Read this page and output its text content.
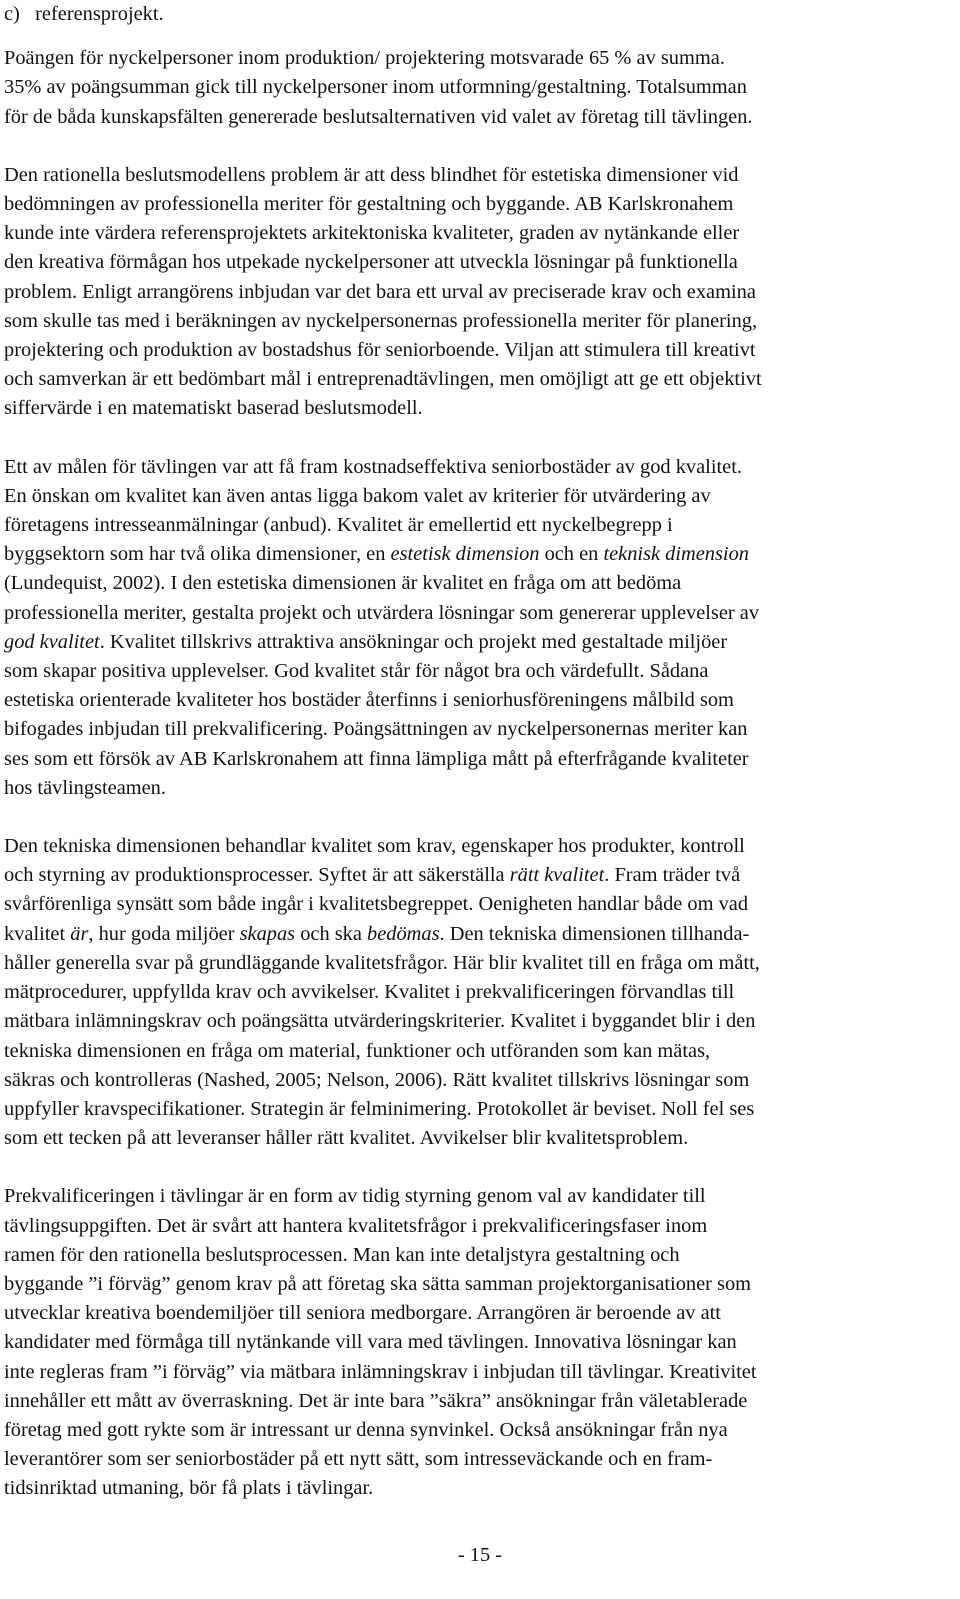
c)   referensprojekt.
Poängen för nyckelpersoner inom produktion/ projektering motsvarade 65 % av summa.
35% av poängsumman gick till nyckelpersoner inom utformning/gestaltning. Totalsumman
för de båda kunskapsfälten genererade beslutsalternativen vid valet av företag till tävlingen.
Den rationella beslutsmodellens problem är att dess blindhet för estetiska dimensioner vid
bedömningen av professionella meriter för gestaltning och byggande. AB Karlskronahem
kunde inte värdera referensprojektets arkitektoniska kvaliteter, graden av nytänkande eller
den kreativa förmågan hos utpekade nyckelpersoner att utveckla lösningar på funktionella
problem. Enligt arrangörens inbjudan var det bara ett urval av preciserade krav och examina
som skulle tas med i beräkningen av nyckelpersonernas professionella meriter för planering,
projektering och produktion av bostadshus för seniorboende. Viljan att stimulera till kreativt
och samverkan är ett bedömbart mål i entreprenadtävlingen, men omöjligt att ge ett objektivt
siffervärde i en matematiskt baserad beslutsmodell.
Ett av målen för tävlingen var att få fram kostnadseffektiva seniorbostäder av god kvalitet.
En önskan om kvalitet kan även antas ligga bakom valet av kriterier för utvärdering av
företagens intresseanmälningar (anbud). Kvalitet är emellertid ett nyckelbegrepp i
byggsektorn som har två olika dimensioner, en estetisk dimension och en teknisk dimension
(Lundequist, 2002). I den estetiska dimensionen är kvalitet en fråga om att bedöma
professionella meriter, gestalta projekt och utvärdera lösningar som genererar upplevelser av
god kvalitet. Kvalitet tillskrivs attraktiva ansökningar och projekt med gestaltade miljöer
som skapar positiva upplevelser. God kvalitet står för något bra och värdefullt. Sådana
estetiska orienterade kvaliteter hos bostäder återfinns i seniorhusföreningens målbild som
bifogades inbjudan till prekvalificering. Poängsättningen av nyckelpersonernas meriter kan
ses som ett försök av AB Karlskronahem att finna lämpliga mått på efterfrågande kvaliteter
hos tävlingsteamen.
Den tekniska dimensionen behandlar kvalitet som krav, egenskaper hos produkter, kontroll
och styrning av produktionsprocesser. Syftet är att säkerställa rätt kvalitet. Fram träder två
svårförenliga synsätt som både ingår i kvalitetsbegreppet. Oenigheten handlar både om vad
kvalitet är, hur goda miljöer skapas och ska bedömas. Den tekniska dimensionen tillhanda-
håller generella svar på grundläggande kvalitetsfrågor. Här blir kvalitet till en fråga om mått,
mätprocedurer, uppfyllda krav och avvikelser. Kvalitet i prekvalificeringen förvandlas till
mätbara inlämningskrav och poängsätta utvärderingskriterier. Kvalitet i byggandet blir i den
tekniska dimensionen en fråga om material, funktioner och utföranden som kan mätas,
säkras och kontrolleras (Nashed, 2005; Nelson, 2006). Rätt kvalitet tillskrivs lösningar som
uppfyller kravspecifikationer. Strategin är felminimering. Protokollet är beviset. Noll fel ses
som ett tecken på att leveranser håller rätt kvalitet. Avvikelser blir kvalitetsproblem.
Prekvalificeringen i tävlingar är en form av tidig styrning genom val av kandidater till
tävlingsuppgiften. Det är svårt att hantera kvalitetsfrågor i prekvalificeringsfaser inom
ramen för den rationella beslutsprocessen. Man kan inte detaljstyra gestaltning och
byggande ”i förväg” genom krav på att företag ska sätta samman projektorganisationer som
utvecklar kreativa boendemiljöer till seniora medborgare. Arrangören är beroende av att
kandidater med förmåga till nytänkande vill vara med tävlingen. Innovativa lösningar kan
inte regleras fram ”i förväg” via mätbara inlämningskrav i inbjudan till tävlingar. Kreativitet
innehåller ett mått av överraskning. Det är inte bara ”säkra” ansökningar från väletablerade
företag med gott rykte som är intressant ur denna synvinkel. Också ansökningar från nya
leverantörer som ser seniorbostäder på ett nytt sätt, som intresseväckande och en fram-
tidsinriktad utmaning, bör få plats i tävlingar.
- 15 -
